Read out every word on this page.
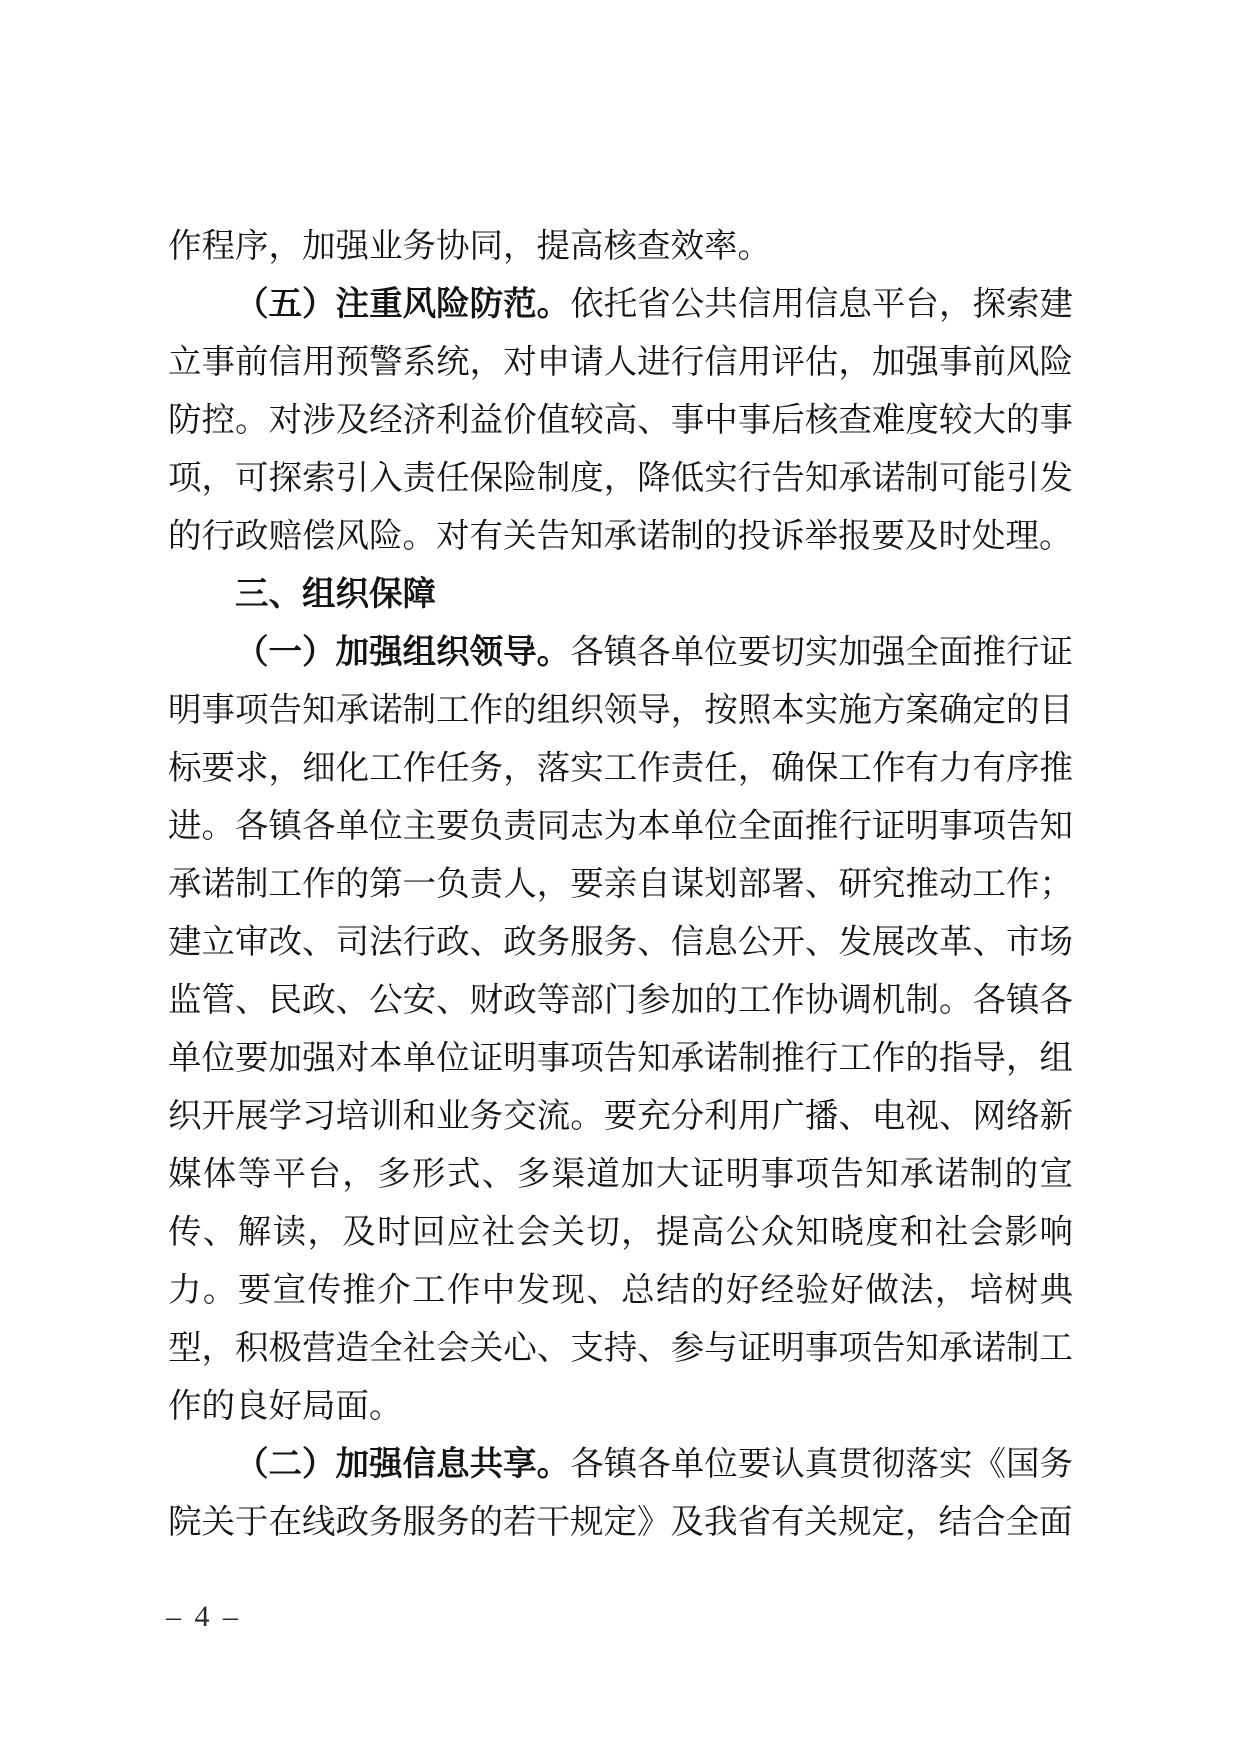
作程序，加强业务协同，提高核查效率。

（五）注重风险防范。依托省公共信用信息平台，探索建立事前信用预警系统，对申请人进行信用评估，加强事前风险防控。对涉及经济利益价值较高、事中事后核查难度较大的事项，可探索引入责任保险制度，降低实行告知承诺制可能引发的行政赔偿风险。对有关告知承诺制的投诉举报要及时处理。

三、组织保障

（一）加强组织领导。各镇各单位要切实加强全面推行证明事项告知承诺制工作的组织领导，按照本实施方案确定的目标要求，细化工作任务，落实工作责任，确保工作有力有序推进。各镇各单位主要负责同志为本单位全面推行证明事项告知承诺制工作的第一负责人，要亲自谋划部署、研究推动工作；建立审改、司法行政、政务服务、信息公开、发展改革、市场监管、民政、公安、财政等部门参加的工作协调机制。各镇各单位要加强对本单位证明事项告知承诺制推行工作的指导，组织开展学习培训和业务交流。要充分利用广播、电视、网络新媒体等平台，多形式、多渠道加大证明事项告知承诺制的宣传、解读，及时回应社会关切，提高公众知晓度和社会影响力。要宣传推介工作中发现、总结的好经验好做法，培树典型，积极营造全社会关心、支持、参与证明事项告知承诺制工作的良好局面。

（二）加强信息共享。各镇各单位要认真贯彻落实《国务院关于在线政务服务的若干规定》及我省有关规定，结合全面

– 4 –
